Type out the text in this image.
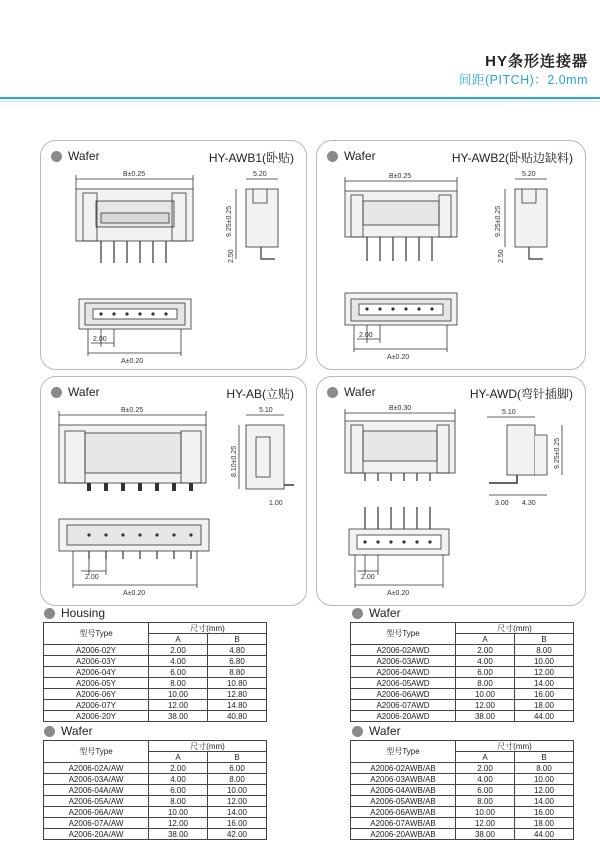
HY条形连接器
间距(PITCH)：2.0mm
Wafer	HY-AWB1(卧贴)
B±0.25	5.20
9.25±0.25
2.50
2.00
A±0.20
Wafer	HY-AWB2(卧贴边缺料)
B±0.25	5.20
9.25±0.25
2.50
2.00
A±0.20
Wafer	HY-AB(立贴)
B±0.25	5.10
8.10±0.25
1.00
2.00
A±0.20
Wafer	HY-AWD(弯针插脚)
B±0.30
5.10
9.25±0.25
3.00 4.30
2.00
A±0.20
Housing
型号Type	尺寸(mm)	
	A	B
A2006-02Y	2.00	4.80
A2006-03Y	4.00	6.80
A2006-04Y	6.00	8.80
A2006-05Y	8.00	10.80
A2006-06Y	10.00	12.80
A2006-07Y	12.00	14.80
A2006-20Y	38.00	40.80
Wafer
型号Type	尺寸(mm)	
	A	B
A2006-02AWD	2.00	8.00
A2006-03AWD	4.00	10.00
A2006-04AWD	6.00	12.00
A2006-05AWD	8.00	14.00
A2006-06AWD	10.00	16.00
A2006-07AWD	12.00	18.00
A2006-20AWD	38.00	44.00
Wafer
型号Type	尺寸(mm)	
	A	B
A2006-02A/AW	2.00	6.00
A2006-03A/AW	4.00	8.00
A2006-04A/AW	6.00	10.00
A2006-05A/AW	8.00	12.00
A2006-06A/AW	10.00	14.00
A2006-07A/AW	12.00	16.00
A2006-20A/AW	38.00	42.00
Wafer
型号Type	尺寸(mm)	
	A	B
A2006-02AWB/AB	2.00	8.00
A2006-03AWB/AB	4.00	10.00
A2006-04AWB/AB	6.00	12.00
A2006-05AWB/AB	8.00	14.00
A2006-06AWB/AB	10.00	16.00
A2006-07AWB/AB	12.00	18.00
A2006-20AWB/AB	38.00	44.00
